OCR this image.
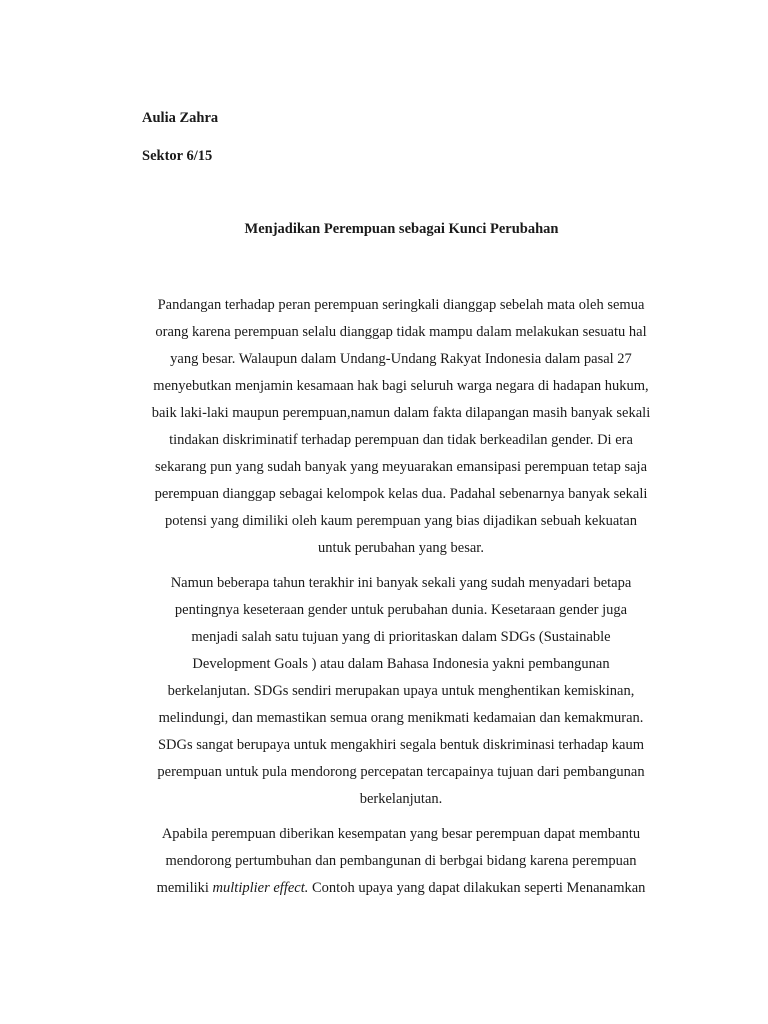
Aulia Zahra

Sektor 6/15

Menjadikan Perempuan sebagai Kunci Perubahan

Pandangan terhadap peran perempuan seringkali dianggap sebelah mata oleh semua
orang karena perempuan selalu dianggap tidak mampu dalam melakukan sesuatu hal
yang besar. Walaupun dalam Undang-Undang Rakyat Indonesia dalam pasal 27
menyebutkan menjamin kesamaan hak bagi seluruh warga negara di hadapan hukum,
baik laki-laki maupun perempuan,namun dalam fakta dilapangan masih banyak sekali
tindakan diskriminatif terhadap perempuan dan tidak berkeadilan gender. Di era
sekarang pun yang sudah banyak yang meyuarakan emansipasi perempuan tetap saja
perempuan dianggap sebagai kelompok kelas dua. Padahal sebenarnya banyak sekali
potensi yang dimiliki oleh kaum perempuan yang bias dijadikan sebuah kekuatan
untuk perubahan yang besar.

Namun beberapa tahun terakhir ini banyak sekali yang sudah menyadari betapa
pentingnya keseteraan gender untuk perubahan dunia. Kesetaraan gender juga
menjadi salah satu tujuan yang di prioritaskan dalam SDGs (Sustainable
Development Goals ) atau dalam Bahasa Indonesia yakni pembangunan
berkelanjutan. SDGs sendiri merupakan upaya untuk menghentikan kemiskinan,
melindungi, dan memastikan semua orang menikmati kedamaian dan kemakmuran.
SDGs sangat berupaya untuk mengakhiri segala bentuk diskriminasi terhadap kaum
perempuan untuk pula mendorong percepatan tercapainya tujuan dari pembangunan
berkelanjutan.

Apabila perempuan diberikan kesempatan yang besar perempuan dapat membantu
mendorong pertumbuhan dan pembangunan di berbgai bidang karena perempuan
memiliki multiplier effect. Contoh upaya yang dapat dilakukan seperti Menanamkan
